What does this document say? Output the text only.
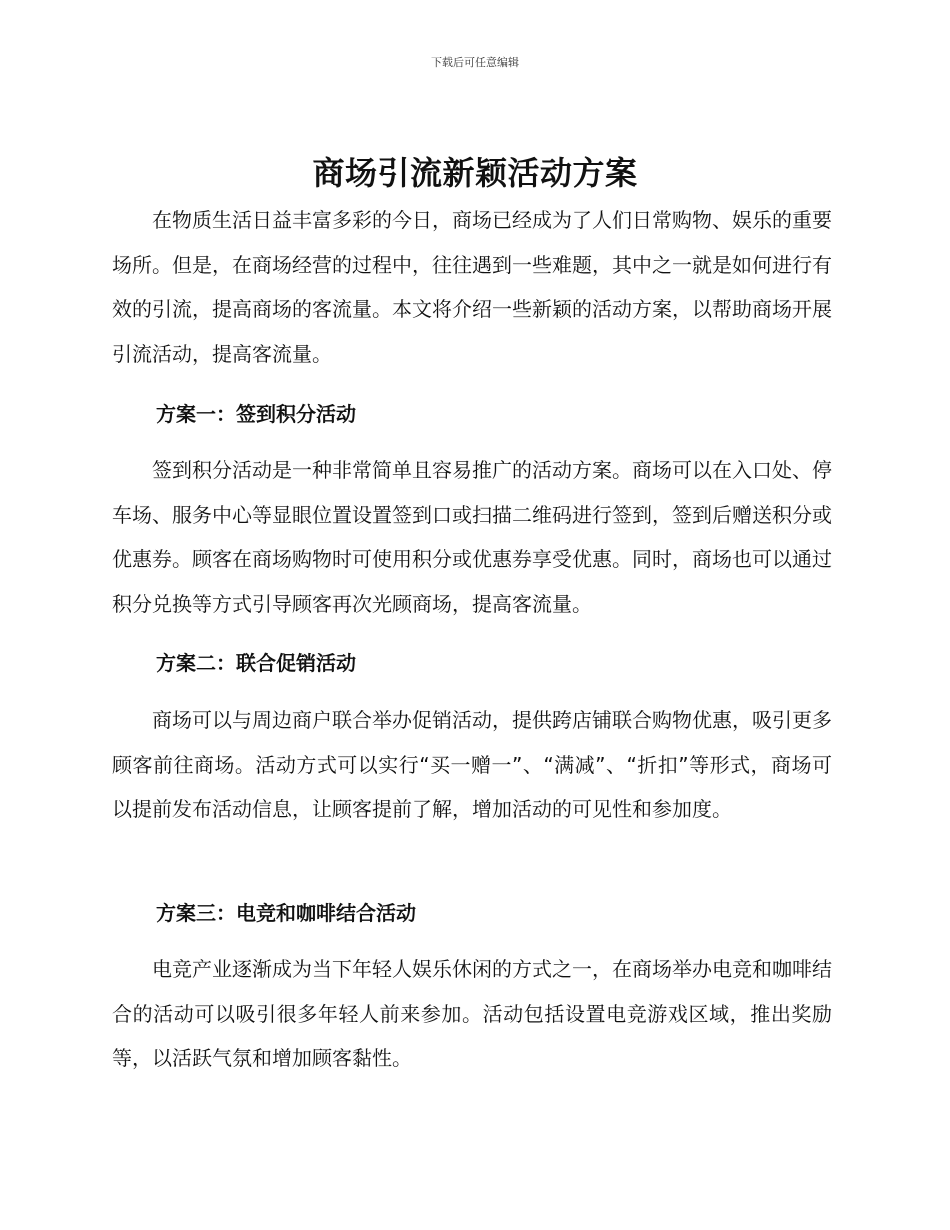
下载后可任意编辑
商场引流新颖活动方案

在物质生活日益丰富多彩的今日，商场已经成为了人们日常购物、娱乐的重要场所。但是，在商场经营的过程中，往往遇到一些难题，其中之一就是如何进行有效的引流，提高商场的客流量。本文将介绍一些新颖的活动方案，以帮助商场开展引流活动，提高客流量。

方案一：签到积分活动

签到积分活动是一种非常简单且容易推广的活动方案。商场可以在入口处、停车场、服务中心等显眼位置设置签到口或扫描二维码进行签到，签到后赠送积分或优惠券。顾客在商场购物时可使用积分或优惠券享受优惠。同时，商场也可以通过积分兑换等方式引导顾客再次光顾商场，提高客流量。

方案二：联合促销活动

商场可以与周边商户联合举办促销活动，提供跨店铺联合购物优惠，吸引更多顾客前往商场。活动方式可以实行“买一赠一”、“满减”、“折扣”等形式，商场可以提前发布活动信息，让顾客提前了解，增加活动的可见性和参加度。

方案三：电竞和咖啡结合活动

电竞产业逐渐成为当下年轻人娱乐休闲的方式之一，在商场举办电竞和咖啡结合的活动可以吸引很多年轻人前来参加。活动包括设置电竞游戏区域，推出奖励等，以活跃气氛和增加顾客黏性。
